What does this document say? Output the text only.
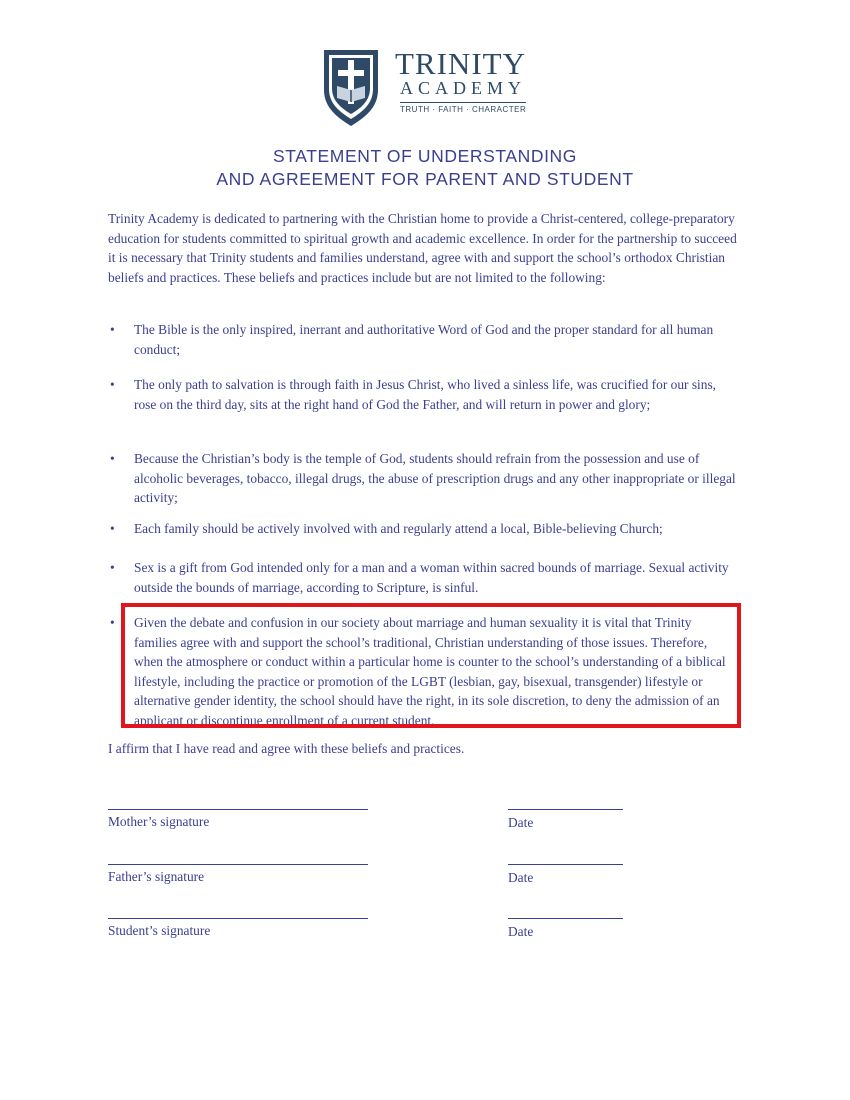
TRINITY
ACADEMY
TRUTH · FAITH · CHARACTER
STATEMENT OF UNDERSTANDING
AND AGREEMENT FOR PARENT AND STUDENT
Trinity Academy is dedicated to partnering with the Christian home to provide a Christ-centered, college-preparatory education for students committed to spiritual growth and academic excellence. In order for the partnership to succeed it is necessary that Trinity students and families understand, agree with and support the school’s orthodox Christian beliefs and practices. These beliefs and practices include but are not limited to the following:
• The Bible is the only inspired, inerrant and authoritative Word of God and the proper standard for all human conduct;
• The only path to salvation is through faith in Jesus Christ, who lived a sinless life, was crucified for our sins, rose on the third day, sits at the right hand of God the Father, and will return in power and glory;
• Because the Christian’s body is the temple of God, students should refrain from the possession and use of alcoholic beverages, tobacco, illegal drugs, the abuse of prescription drugs and any other inappropriate or illegal activity;
• Each family should be actively involved with and regularly attend a local, Bible-believing Church;
• Sex is a gift from God intended only for a man and a woman within sacred bounds of marriage. Sexual activity outside the bounds of marriage, according to Scripture, is sinful.
• Given the debate and confusion in our society about marriage and human sexuality it is vital that Trinity families agree with and support the school’s traditional, Christian understanding of those issues. Therefore, when the atmosphere or conduct within a particular home is counter to the school’s understanding of a biblical lifestyle, including the practice or promotion of the LGBT (lesbian, gay, bisexual, transgender) lifestyle or alternative gender identity, the school should have the right, in its sole discretion, to deny the admission of an applicant or discontinue enrollment of a current student.
I affirm that I have read and agree with these beliefs and practices.
Mother’s signature	Date
Father’s signature	Date
Student’s signature	Date
